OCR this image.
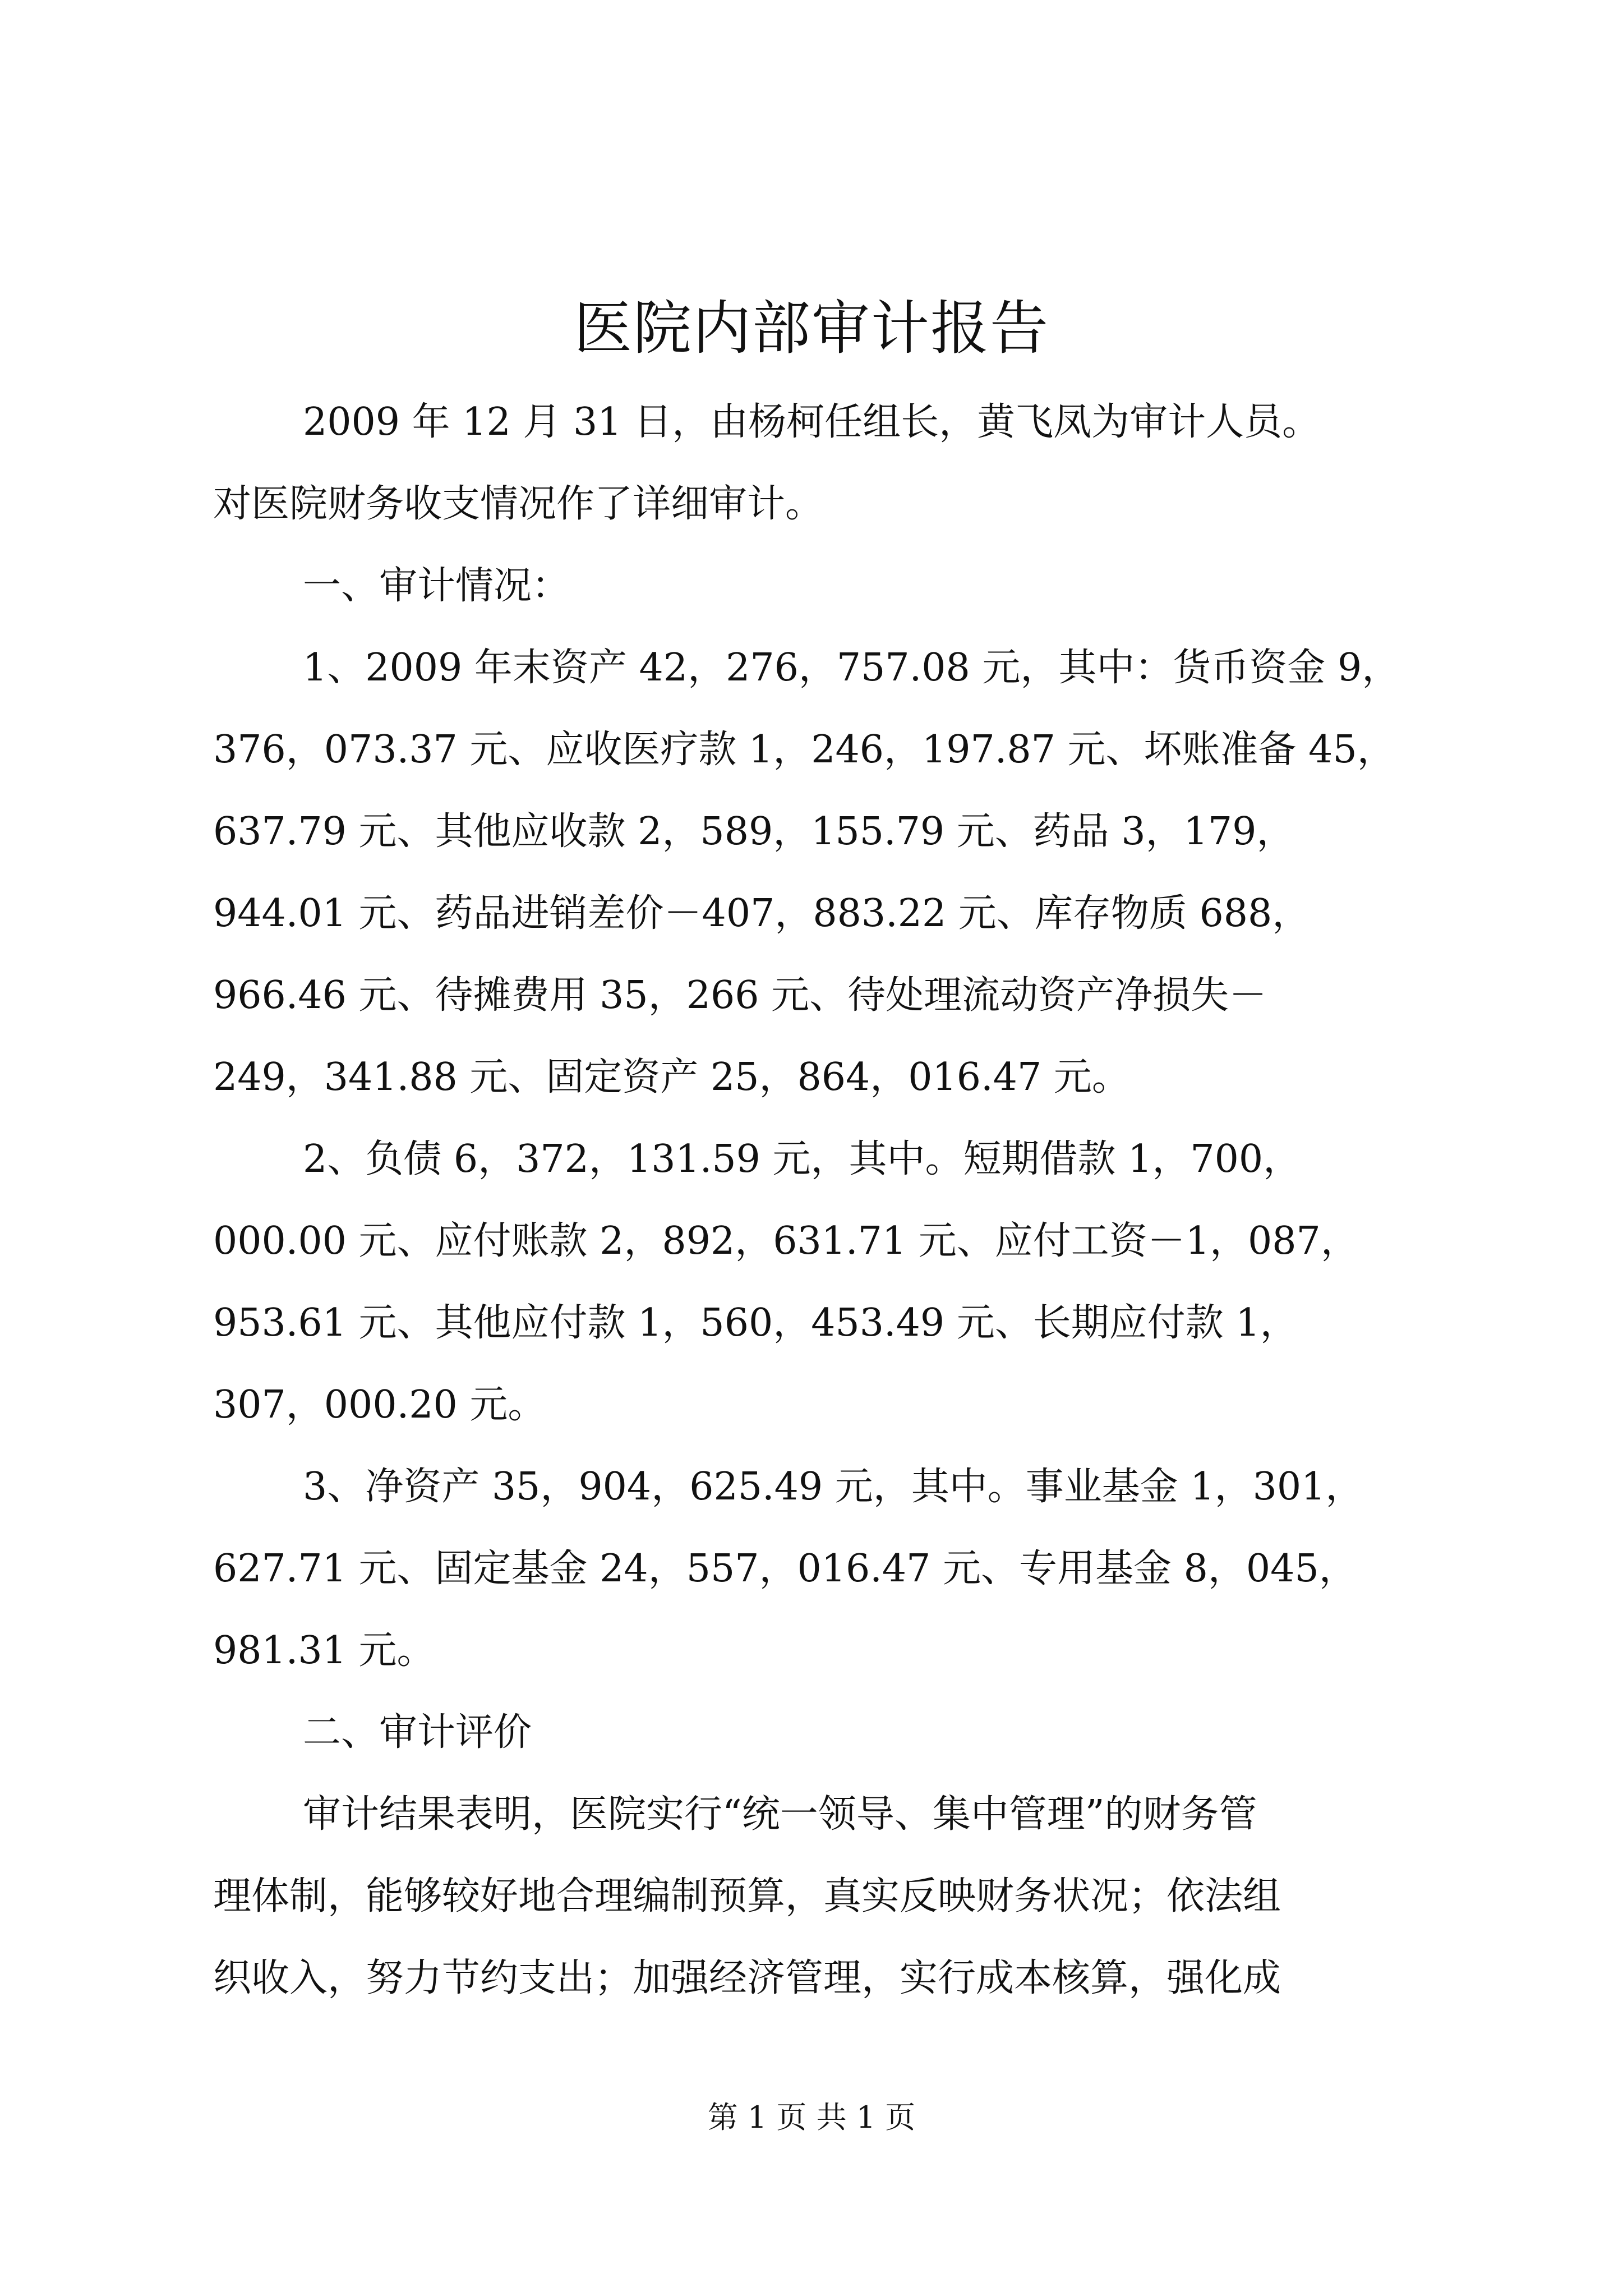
医院内部审计报告
2009 年 12 月 31 日，由杨柯任组长，黄飞凤为审计人员。
对医院财务收支情况作了详细审计。
一、审计情况：
1、2009 年末资产 42，276，757.08 元，其中：货币资金 9，
376，073.37 元、应收医疗款 1，246，197.87 元、坏账准备 45，
637.79 元、其他应收款 2，589，155.79 元、药品 3，179，
944.01 元、药品进销差价－407，883.22 元、库存物质 688，
966.46 元、待摊费用 35，266 元、待处理流动资产净损失－
249，341.88 元、固定资产 25，864，016.47 元。
2、负债 6，372，131.59 元，其中。短期借款 1，700，
000.00 元、应付账款 2，892，631.71 元、应付工资－1，087，
953.61 元、其他应付款 1，560，453.49 元、长期应付款 1，
307，000.20 元。
3、净资产 35，904，625.49 元，其中。事业基金 1，301，
627.71 元、固定基金 24，557，016.47 元、专用基金 8，045，
981.31 元。
二、审计评价
审计结果表明，医院实行“统一领导、集中管理”的财务管
理体制，能够较好地合理编制预算，真实反映财务状况；依法组
织收入，努力节约支出；加强经济管理，实行成本核算，强化成
第 1 页 共 1 页
